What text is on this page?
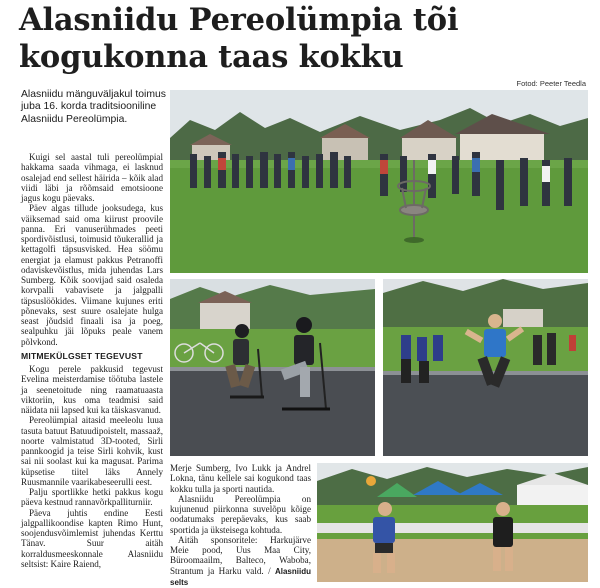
Alasniidu Pereolümpia tõi kogukonna taas kokku

Alasniidu mänguväljakul toimus juba 16. korda traditsiooniline Alasniidu Pereolümpia.

Fotod: Peeter Teedla

Kuigi sel aastal tuli pereolümpial hakkama saada vihmaga, ei lasknud osalejad end sellest häirida – kõik alad viidi läbi ja rõõmsaid emotsioone jagus kogu päevaks.

Päev algas tillude jooksudega, kus väiksemad said oma kiirust proovile panna. Eri vanuserühmades peeti spordivõistlusi, toimusid tõukerallid ja kettagolfi täpsusvisked. Hea söömu energiat ja elamust pakkus Petranoffi odaviskevõistlus, mida juhendas Lars Sumberg. Kõik soovijad said osaleda korvpalli vabavisete ja jalgpalli täpsuslöökides. Viimane kujunes eriti põnevaks, sest suure osalejate hulga seast jõudsid finaali isa ja poeg, sealpuhku jäi lõpuks peale vanem põlvkond.

MITMEKÜLGSET TEGEVUST

Kogu perele pakkusid tegevust Evelina meisterdamise töötuba lastele ja seenetoitude ning raamatuaasta viktoriin, kus oma teadmisi said näidata nii lapsed kui ka täiskasvanud.

Pereolümpial aitasid meeleolu luua tasuta batuut Batuudipoistelt, massaaž, noorte valmistatud 3D-tooted, Sirli pannkoogid ja teise Sirli kohvik, kust sai nii soolast kui ka magusat. Parima küpsetise tiitel läks Annely Ruusmannile vaarikabeseerulli eest.

Palju sportlikke hetki pakkus kogu päeva kestnud rannavõrkpalliturniir.

Päeva juhtis endine Eesti jalgpallikoondise kapten Rimo Hunt, soojendusvõimlemist juhendas Kerttu Tänav. Suur aitäh korraldusmeeskonnale Alasniidu seltsist: Kaire Raiend,

Merje Sumberg, Ivo Lukk ja Andrel Lokna, tänu kellele sai kogukond taas kokku tulla ja sporti nautida.

Alasniidu Pereolümpia on kujunenud piirkonna suvelõpu kõige oodatumaks perepäevaks, kus saab sportida ja üksteisega kohtuda.

Aitäh sponsoritele: Harkujärve Meie pood, Uus Maa City, Büroomaailm, Balteco, Waboba, Strantum ja Harku vald. / Alasniidu selts
